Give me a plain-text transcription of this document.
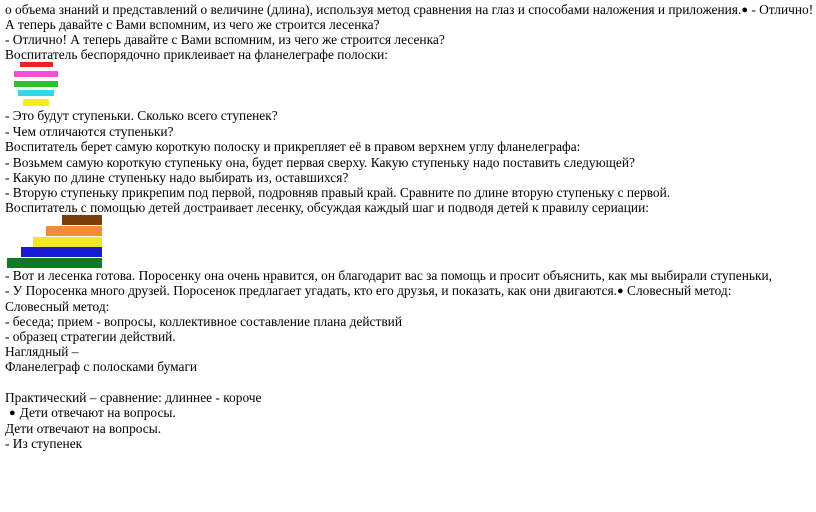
о объема знаний и представлений о величине (длина), используя метод сравнения на глаз и способами наложения и приложения.● - Отлично!
А теперь давайте с Вами вспомним, из чего же строится лесенка?
- Отлично! А теперь давайте с Вами вспомним, из чего же строится лесенка?
Воспитатель беспорядочно приклеивает на фланелеграфе полоски:
- Это будут ступеньки. Сколько всего ступенек?
- Чем отличаются ступеньки?
Воспитатель берет самую короткую полоску и прикрепляет её в правом верхнем углу фланелеграфа:
- Возьмем самую короткую ступеньку она, будет первая сверху. Какую ступеньку надо поставить следующей?
- Какую по длине ступеньку надо выбирать из, оставшихся?
- Вторую ступеньку прикрепим под первой, подровняв правый край. Сравните по длине вторую ступеньку с первой.
Воспитатель с помощью детей достраивает лесенку, обсуждая каждый шаг и подводя детей к правилу сериации:
- Вот и лесенка готова. Поросенку она очень нравится, он благодарит вас за помощь и просит объяснить, как мы выбирали ступеньки,
- У Поросенка много друзей. Поросенок предлагает угадать, кто его друзья, и показать, как они двигаются.● Словесный метод:
Словесный метод:
- беседа; прием - вопросы, коллективное составление плана действий
- образец стратегии действий.
Наглядный –
Фланелеграф с полосками бумаги
Практический – сравнение: длиннее - короче
● Дети отвечают на вопросы.
Дети отвечают на вопросы.
- Из ступенек
